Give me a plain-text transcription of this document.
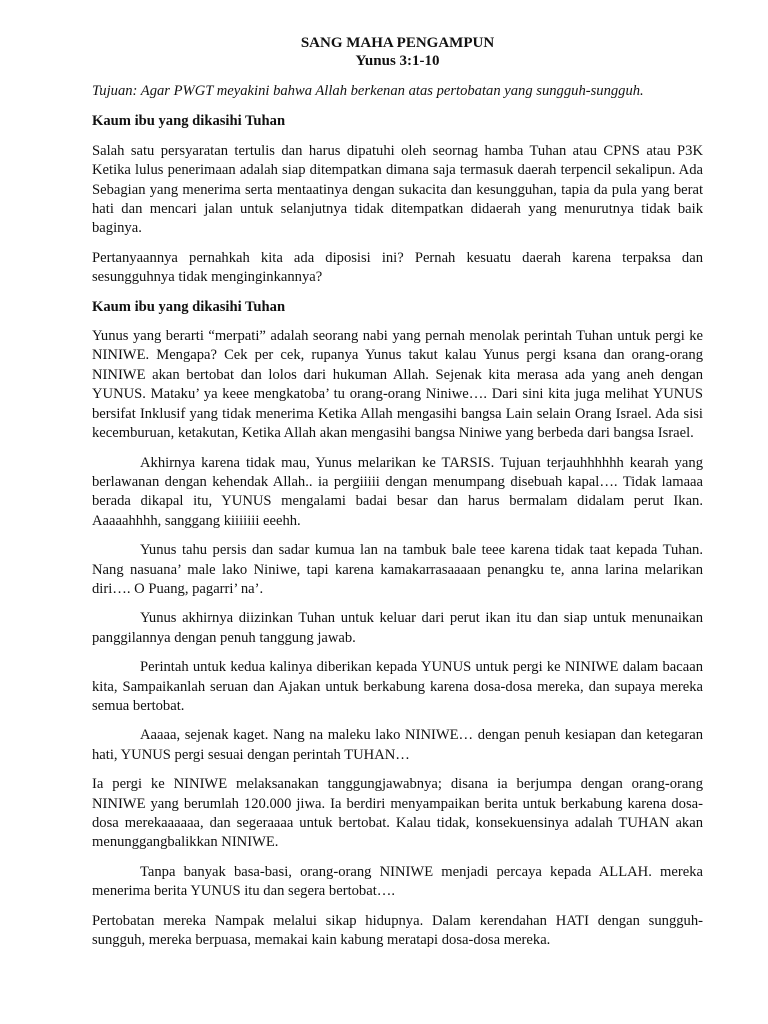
SANG MAHA PENGAMPUN
Yunus 3:1-10

Tujuan: Agar PWGT meyakini bahwa Allah berkenan atas pertobatan yang sungguh-sungguh.

Kaum ibu yang dikasihi Tuhan

Salah satu persyaratan tertulis dan harus dipatuhi oleh seornag hamba Tuhan atau CPNS atau P3K Ketika lulus penerimaan adalah siap ditempatkan dimana saja termasuk daerah terpencil sekalipun. Ada Sebagian yang menerima serta mentaatinya dengan sukacita dan kesungguhan, tapia da pula yang berat hati dan mencari jalan untuk selanjutnya tidak ditempatkan didaerah yang menurutnya tidak baik baginya.

Pertanyaannya pernahkah kita ada diposisi ini? Pernah kesuatu daerah karena terpaksa dan sesungguhnya tidak menginginkannya?

Kaum ibu yang dikasihi Tuhan

Yunus yang berarti “merpati” adalah seorang nabi yang pernah menolak perintah Tuhan untuk pergi ke NINIWE. Mengapa? Cek per cek, rupanya Yunus takut kalau Yunus pergi ksana dan orang-orang NINIWE akan bertobat dan lolos dari hukuman Allah. Sejenak kita merasa ada yang aneh dengan YUNUS. Mataku’ ya keee mengkatoba’ tu orang-orang Niniwe…. Dari sini kita juga melihat YUNUS bersifat Inklusif yang tidak menerima Ketika Allah mengasihi bangsa Lain selain Orang Israel. Ada sisi kecemburuan, ketakutan, Ketika Allah akan mengasihi bangsa Niniwe yang berbeda dari bangsa Israel.

Akhirnya karena tidak mau, Yunus melarikan ke TARSIS. Tujuan terjauhhhhhh kearah yang berlawanan dengan kehendak Allah.. ia pergiiiii dengan menumpang disebuah kapal…. Tidak lamaaa berada dikapal itu, YUNUS mengalami badai besar dan harus bermalam didalam perut Ikan. Aaaaahhhh, sanggang kiiiiiii eeehh.

Yunus tahu persis dan sadar kumua lan na tambuk bale teee karena tidak taat kepada Tuhan. Nang nasuana’ male lako Niniwe, tapi karena kamakarrasaaaan penangku te, anna larina melarikan diri…. O Puang, pagarri’ na’.

Yunus akhirnya diizinkan Tuhan untuk keluar dari perut ikan itu dan siap untuk menunaikan panggilannya dengan penuh tanggung jawab.

Perintah untuk kedua kalinya diberikan kepada YUNUS untuk pergi ke NINIWE dalam bacaan kita, Sampaikanlah seruan dan Ajakan untuk berkabung karena dosa-dosa mereka, dan supaya mereka semua bertobat.

Aaaaa, sejenak kaget. Nang na maleku lako NINIWE… dengan penuh kesiapan dan ketegaran hati, YUNUS pergi sesuai dengan perintah TUHAN…

Ia pergi ke NINIWE melaksanakan tanggungjawabnya; disana ia berjumpa dengan orang-orang NINIWE yang berumlah 120.000 jiwa. Ia berdiri menyampaikan berita untuk berkabung karena dosa-dosa merekaaaaaa, dan segeraaaa untuk bertobat. Kalau tidak, konsekuensinya adalah TUHAN akan menunggangbalikkan NINIWE.

Tanpa banyak basa-basi, orang-orang NINIWE menjadi percaya kepada ALLAH. mereka menerima berita YUNUS itu dan segera bertobat….

Pertobatan mereka Nampak melalui sikap hidupnya. Dalam kerendahan HATI dengan sungguh-sungguh, mereka berpuasa, memakai kain kabung meratapi dosa-dosa mereka.
